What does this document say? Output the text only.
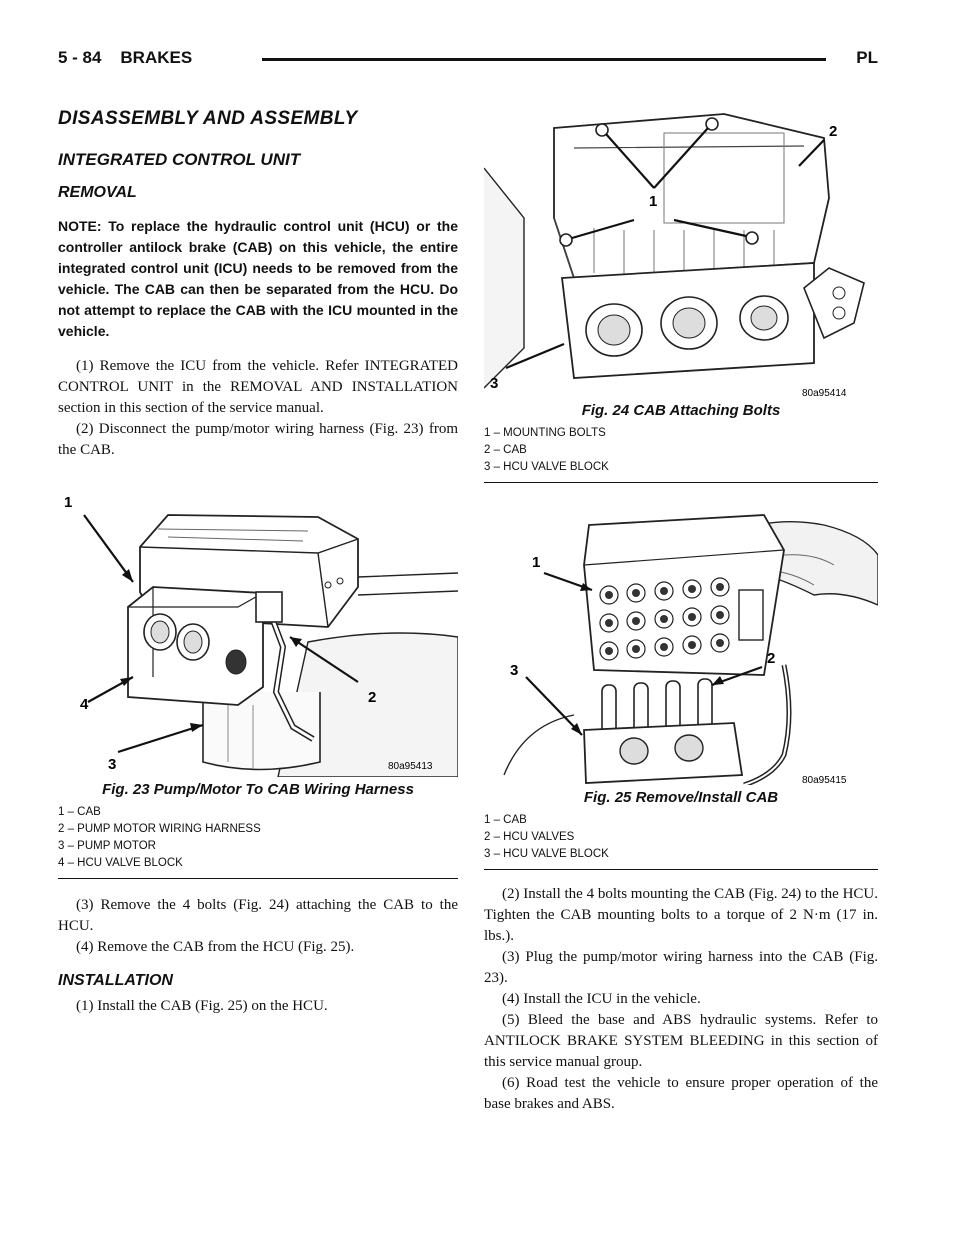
5 - 84 BRAKES	PL
DISASSEMBLY AND ASSEMBLY
INTEGRATED CONTROL UNIT
REMOVAL

NOTE: To replace the hydraulic control unit (HCU) or the controller antilock brake (CAB) on this vehicle, the entire integrated control unit (ICU) needs to be removed from the vehicle. The CAB can then be separated from the HCU. Do not attempt to replace the CAB with the ICU mounted in the vehicle.

(1) Remove the ICU from the vehicle. Refer INTEGRATED CONTROL UNIT in the REMOVAL AND INSTALLATION section in this section of the service manual.

(2) Disconnect the pump/motor wiring harness (Fig. 23) from the CAB.

1
2
3
4
80a95413
Fig. 23 Pump/Motor To CAB Wiring Harness
1 – CAB
2 – PUMP MOTOR WIRING HARNESS
3 – PUMP MOTOR
4 – HCU VALVE BLOCK

(3) Remove the 4 bolts (Fig. 24) attaching the CAB to the HCU.

(4) Remove the CAB from the HCU (Fig. 25).

INSTALLATION

(1) Install the CAB (Fig. 25) on the HCU.

1
2
3
80a95414
Fig. 24 CAB Attaching Bolts
1 – MOUNTING BOLTS
2 – CAB
3 – HCU VALVE BLOCK
1
2
3
80a95415
Fig. 25 Remove/Install CAB
1 – CAB
2 – HCU VALVES
3 – HCU VALVE BLOCK

(2) Install the 4 bolts mounting the CAB (Fig. 24) to the HCU. Tighten the CAB mounting bolts to a torque of 2 N·m (17 in. lbs.).

(3) Plug the pump/motor wiring harness into the CAB (Fig. 23).

(4) Install the ICU in the vehicle.

(5) Bleed the base and ABS hydraulic systems. Refer to ANTILOCK BRAKE SYSTEM BLEEDING in this section of this service manual group.

(6) Road test the vehicle to ensure proper operation of the base brakes and ABS.
